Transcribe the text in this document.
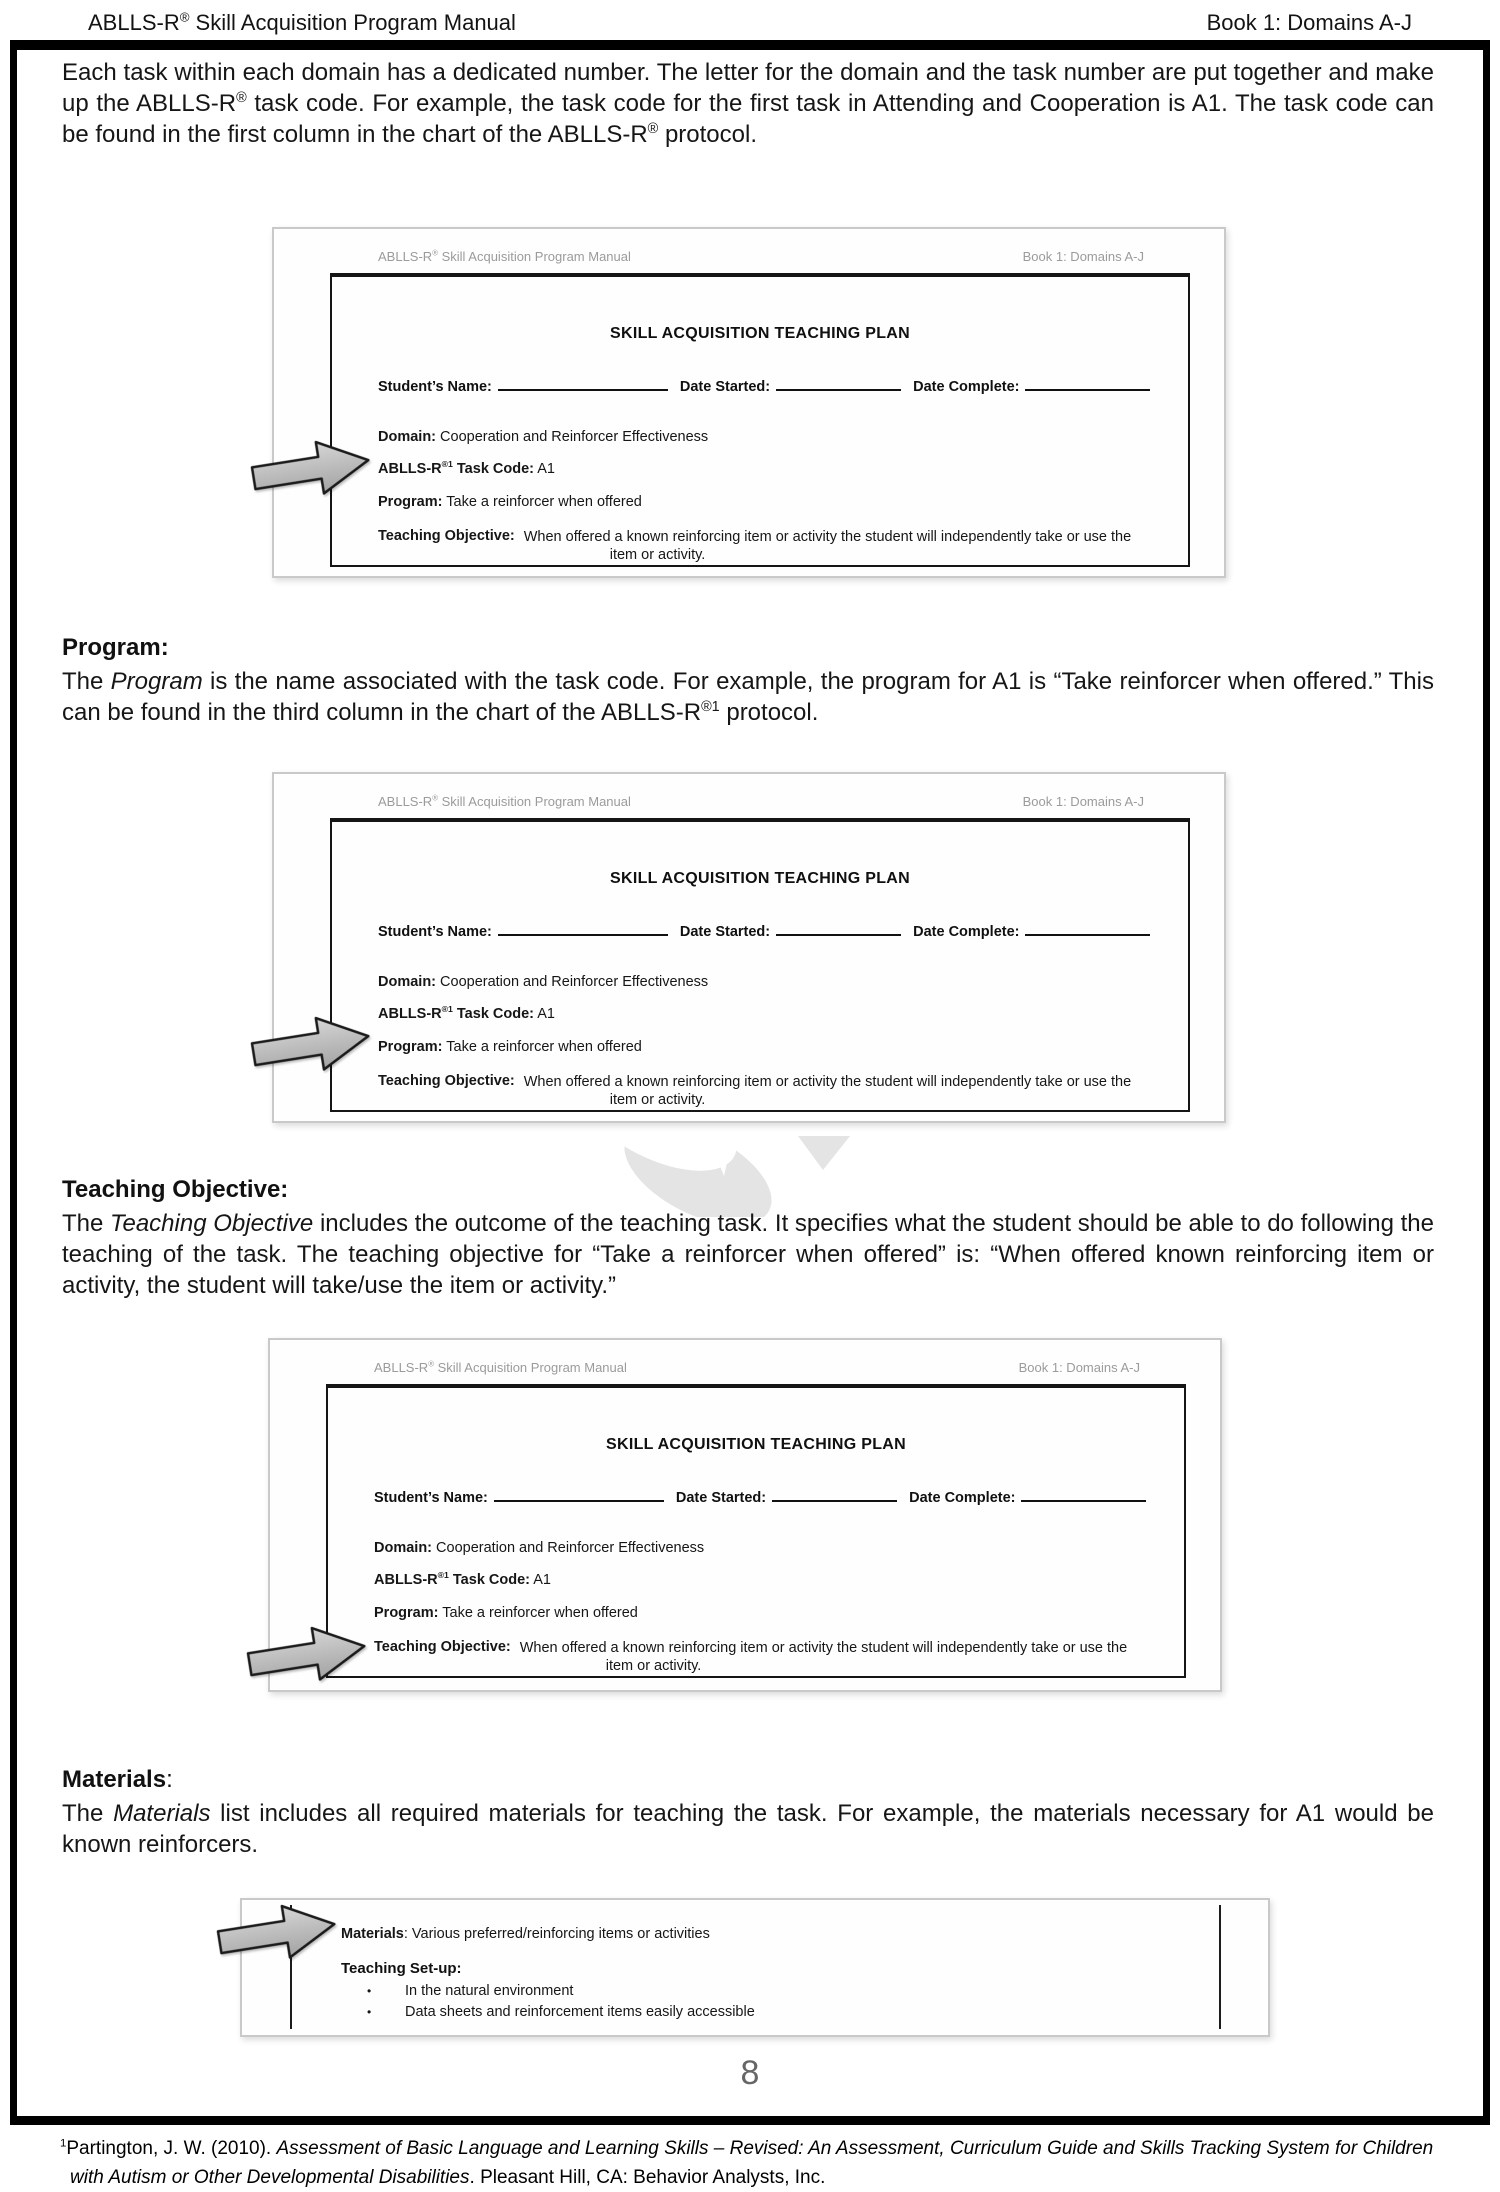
ABLLS-R® Skill Acquisition Program Manual	Book 1: Domains A-J

Each task within each domain has a dedicated number. The letter for the domain and the task number are put together and make up the ABLLS-R® task code. For example, the task code for the first task in Attending and Cooperation is A1. The task code can be found in the first column in the chart of the ABLLS-R® protocol.

ABLLS-R® Skill Acquisition Program Manual	Book 1: Domains A-J
SKILL ACQUISITION TEACHING PLAN
Student’s Name:	Date Started:	Date Complete:
Domain: Cooperation and Reinforcer Effectiveness
ABLLS-$R^{®1}$ Task Code: A1
Program: Take a reinforcer when offered
Teaching Objective: When offered a known reinforcing item or activity the student will independently take or use the
item or activity.
Program:

The Program is the name associated with the task code. For example, the program for A1 is “Take reinforcer when offered.” This can be found in the third column in the chart of the ABLLS-$R^{®1}$ protocol.

ABLLS-R® Skill Acquisition Program Manual	Book 1: Domains A-J
SKILL ACQUISITION TEACHING PLAN
Student’s Name:	Date Started:	Date Complete:
Domain: Cooperation and Reinforcer Effectiveness
ABLLS-$R^{®1}$ Task Code: A1
Program: Take a reinforcer when offered
Teaching Objective: When offered a known reinforcing item or activity the student will independently take or use the
item or activity.
Teaching Objective:

The Teaching Objective includes the outcome of the teaching task. It specifies what the student should be able to do following the teaching of the task. The teaching objective for “Take a reinforcer when offered” is: “When offered known reinforcing item or activity, the student will take/use the item or activity.”

ABLLS-R® Skill Acquisition Program Manual	Book 1: Domains A-J
SKILL ACQUISITION TEACHING PLAN
Student’s Name:	Date Started:	Date Complete:
Domain: Cooperation and Reinforcer Effectiveness
ABLLS-$R^{®1}$ Task Code: A1
Program: Take a reinforcer when offered
Teaching Objective: When offered a known reinforcing item or activity the student will independently take or use the
item or activity.
Materials:

The Materials list includes all required materials for teaching the task. For example, the materials necessary for A1 would be known reinforcers.

Materials: Various preferred/reinforcing items or activities
Teaching Set-up:
• In the natural environment
• Data sheets and reinforcement items easily accessible
8

$^1$Partington, J. W. (2010). Assessment of Basic Language and Learning Skills – Revised: An Assessment, Curriculum Guide and Skills Tracking System for Children with Autism or Other Developmental Disabilities. Pleasant Hill, CA: Behavior Analysts, Inc.
